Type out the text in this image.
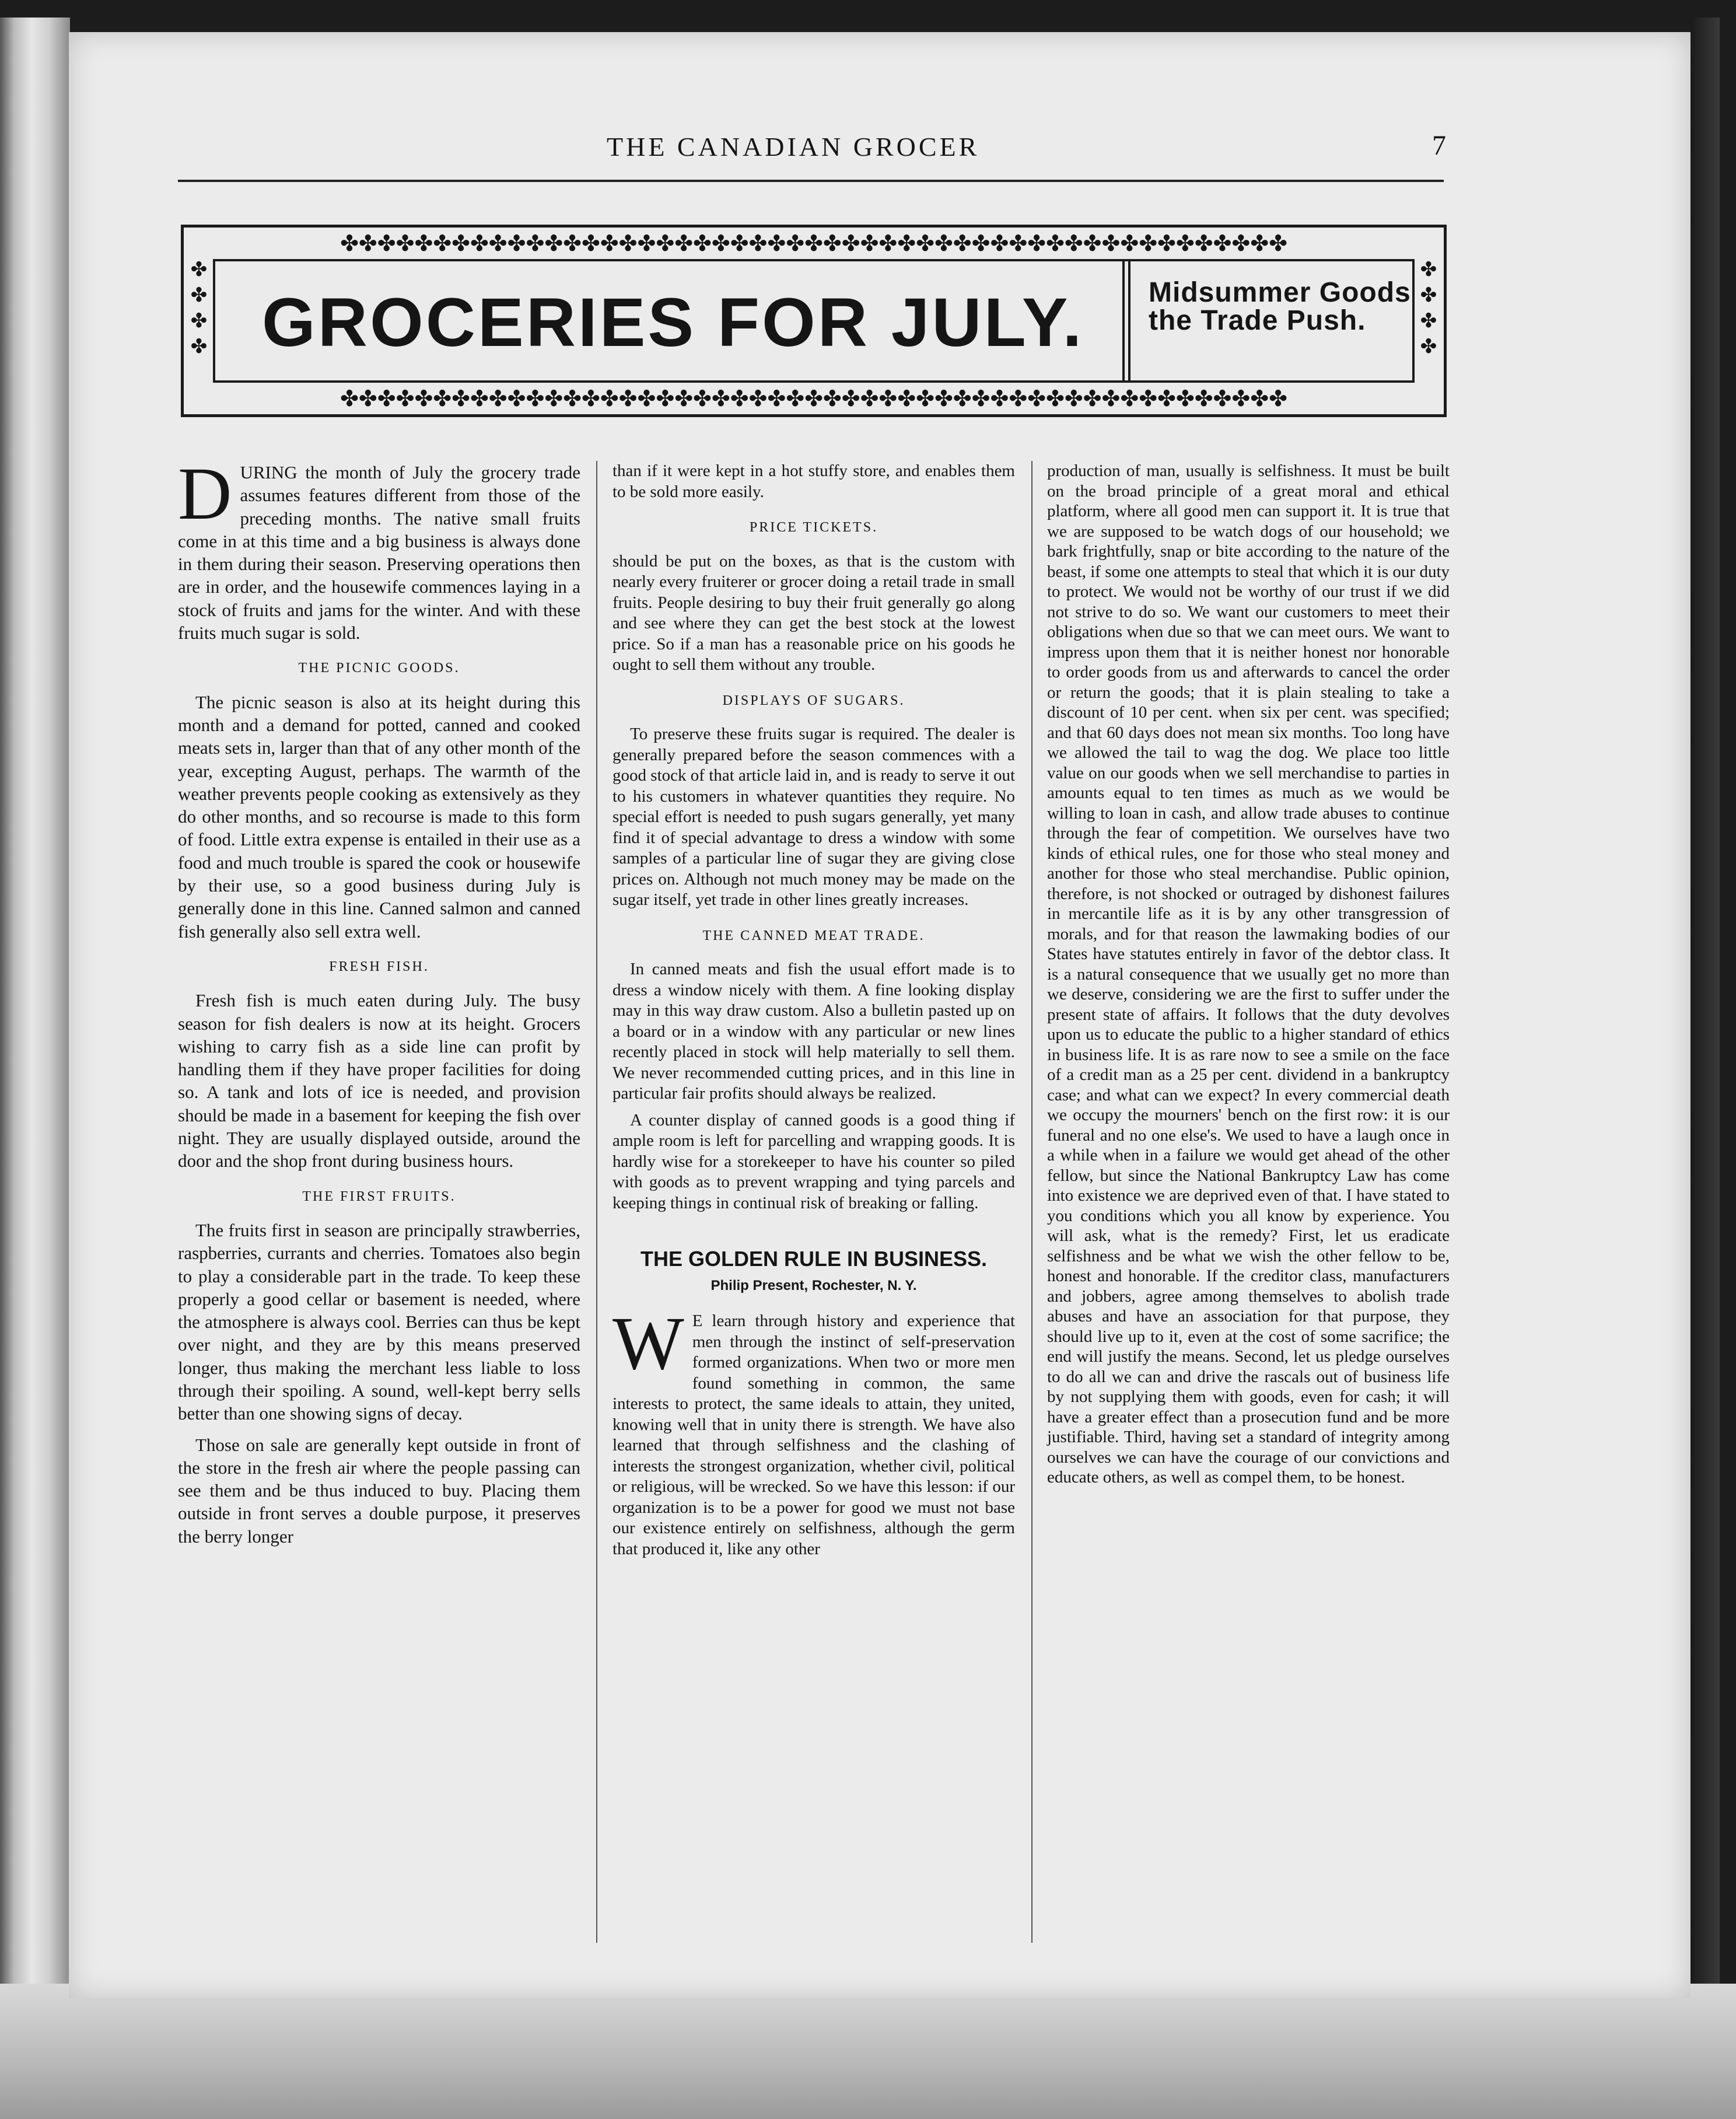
THE CANADIAN GROCER	7
✤✤✤✤✤✤✤✤✤✤✤✤✤✤✤✤✤✤✤✤✤✤✤✤✤✤✤✤✤✤✤✤✤✤✤✤✤✤✤✤✤✤✤✤✤✤✤✤✤✤✤
✤✤✤✤✤✤✤✤✤✤✤✤✤✤✤✤✤✤✤✤✤✤✤✤✤✤✤✤✤✤✤✤✤✤✤✤✤✤✤✤✤✤✤✤✤✤✤✤✤✤✤
✤ ✤ ✤ ✤
✤ ✤ ✤ ✤
GROCERIES FOR JULY. Midsummer Goods the Trade Push.

DURING the month of July the grocery trade assumes features different from those of the preceding months. The native small fruits come in at this time and a big business is always done in them during their season. Preserving operations then are in order, and the housewife commences laying in a stock of fruits and jams for the winter. And with these fruits much sugar is sold.

THE PICNIC GOODS.

The picnic season is also at its height during this month and a demand for potted, canned and cooked meats sets in, larger than that of any other month of the year, excepting August, perhaps. The warmth of the weather prevents people cooking as extensively as they do other months, and so recourse is made to this form of food. Little extra expense is entailed in their use as a food and much trouble is spared the cook or housewife by their use, so a good business during July is generally done in this line. Canned salmon and canned fish generally also sell extra well.

FRESH FISH.

Fresh fish is much eaten during July. The busy season for fish dealers is now at its height. Grocers wishing to carry fish as a side line can profit by handling them if they have proper facilities for doing so. A tank and lots of ice is needed, and provision should be made in a basement for keeping the fish over night. They are usually displayed outside, around the door and the shop front during business hours.

THE FIRST FRUITS.

The fruits first in season are principally strawberries, raspberries, currants and cherries. Tomatoes also begin to play a considerable part in the trade. To keep these properly a good cellar or basement is needed, where the atmosphere is always cool. Berries can thus be kept over night, and they are by this means preserved longer, thus making the merchant less liable to loss through their spoiling. A sound, well-kept berry sells better than one showing signs of decay.

Those on sale are generally kept outside in front of the store in the fresh air where the people passing can see them and be thus induced to buy. Placing them outside in front serves a double purpose, it preserves the berry longer

than if it were kept in a hot stuffy store, and enables them to be sold more easily.

PRICE TICKETS.

should be put on the boxes, as that is the custom with nearly every fruiterer or grocer doing a retail trade in small fruits. People desiring to buy their fruit generally go along and see where they can get the best stock at the lowest price. So if a man has a reasonable price on his goods he ought to sell them without any trouble.

DISPLAYS OF SUGARS.

To preserve these fruits sugar is required. The dealer is generally prepared before the season commences with a good stock of that article laid in, and is ready to serve it out to his customers in whatever quantities they require. No special effort is needed to push sugars generally, yet many find it of special advantage to dress a window with some samples of a particular line of sugar they are giving close prices on. Although not much money may be made on the sugar itself, yet trade in other lines greatly increases.

THE CANNED MEAT TRADE.

In canned meats and fish the usual effort made is to dress a window nicely with them. A fine looking display may in this way draw custom. Also a bulletin pasted up on a board or in a window with any particular or new lines recently placed in stock will help materially to sell them. We never recommended cutting prices, and in this line in particular fair profits should always be realized.

A counter display of canned goods is a good thing if ample room is left for parcelling and wrapping goods. It is hardly wise for a storekeeper to have his counter so piled with goods as to prevent wrapping and tying parcels and keeping things in continual risk of breaking or falling.

THE GOLDEN RULE IN BUSINESS.
Philip Present, Rochester, N. Y.

W E learn through history and experience that men through the instinct of self-preservation formed organizations. When two or more men found something in common, the same interests to protect, the same ideals to attain, they united, knowing well that in unity there is strength. We have also learned that through selfishness and the clashing of interests the strongest organization, whether civil, political or religious, will be wrecked. So we have this lesson: if our organization is to be a power for good we must not base our existence entirely on selfishness, although the germ that produced it, like any other

production of man, usually is selfishness. It must be built on the broad principle of a great moral and ethical platform, where all good men can support it. It is true that we are supposed to be watch dogs of our household; we bark frightfully, snap or bite according to the nature of the beast, if some one attempts to steal that which it is our duty to protect. We would not be worthy of our trust if we did not strive to do so. We want our customers to meet their obligations when due so that we can meet ours. We want to impress upon them that it is neither honest nor honorable to order goods from us and afterwards to cancel the order or return the goods; that it is plain stealing to take a discount of 10 per cent. when six per cent. was specified; and that 60 days does not mean six months. Too long have we allowed the tail to wag the dog. We place too little value on our goods when we sell merchandise to parties in amounts equal to ten times as much as we would be willing to loan in cash, and allow trade abuses to continue through the fear of competition. We ourselves have two kinds of ethical rules, one for those who steal money and another for those who steal merchandise. Public opinion, therefore, is not shocked or outraged by dishonest failures in mercantile life as it is by any other transgression of morals, and for that reason the lawmaking bodies of our States have statutes entirely in favor of the debtor class. It is a natural consequence that we usually get no more than we deserve, considering we are the first to suffer under the present state of affairs. It follows that the duty devolves upon us to educate the public to a higher standard of ethics in business life. It is as rare now to see a smile on the face of a credit man as a 25 per cent. dividend in a bankruptcy case; and what can we expect? In every commercial death we occupy the mourners' bench on the first row: it is our funeral and no one else's. We used to have a laugh once in a while when in a failure we would get ahead of the other fellow, but since the National Bankruptcy Law has come into existence we are deprived even of that. I have stated to you conditions which you all know by experience. You will ask, what is the remedy? First, let us eradicate selfishness and be what we wish the other fellow to be, honest and honorable. If the creditor class, manufacturers and jobbers, agree among themselves to abolish trade abuses and have an association for that purpose, they should live up to it, even at the cost of some sacrifice; the end will justify the means. Second, let us pledge ourselves to do all we can and drive the rascals out of business life by not supplying them with goods, even for cash; it will have a greater effect than a prosecution fund and be more justifiable. Third, having set a standard of integrity among ourselves we can have the courage of our convictions and educate others, as well as compel them, to be honest.
